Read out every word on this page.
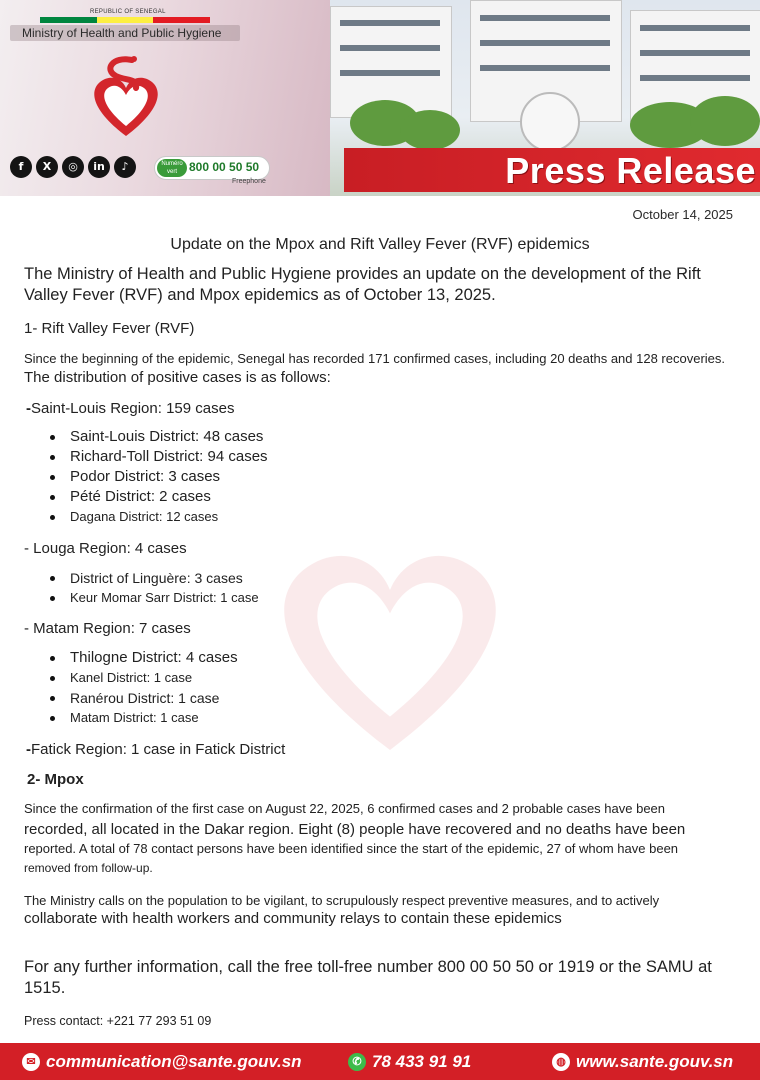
REPUBLIC OF SENEGAL
Ministry of Health and Public Hygiene
f	X	◎	in	♪	Numéro vert	800 00 50 50
Freephone	Press Release
October 14, 2025
Update on the Mpox and Rift Valley Fever (RVF) epidemics
The Ministry of Health and Public Hygiene provides an update on the development of the Rift Valley Fever (RVF) and Mpox epidemics as of October 13, 2025.
1- Rift Valley Fever (RVF)
Since the beginning of the epidemic, Senegal has recorded 171 confirmed cases, including 20 deaths and 128 recoveries.
The distribution of positive cases is as follows:
-Saint-Louis Region: 159 cases
Saint-Louis District: 48 cases
Richard-Toll District: 94 cases
Podor District: 3 cases
Pété District: 2 cases
Dagana District: 12 cases
- Louga Region: 4 cases
District of Linguère: 3 cases
Keur Momar Sarr District: 1 case
- Matam Region: 7 cases
Thilogne District: 4 cases
Kanel District: 1 case
Ranérou District: 1 case
Matam District: 1 case
-Fatick Region: 1 case in Fatick District
2- Mpox
Since the confirmation of the first case on August 22, 2025, 6 confirmed cases and 2 probable cases have been
recorded, all located in the Dakar region. Eight (8) people have recovered and no deaths have been
reported. A total of 78 contact persons have been identified since the start of the epidemic, 27 of whom have been
removed from follow-up.
The Ministry calls on the population to be vigilant, to scrupulously respect preventive measures, and to actively
collaborate with health workers and community relays to contain these epidemics
For any further information, call the free toll-free number 800 00 50 50 or 1919 or the SAMU at 1515.
Press contact: +221 77 293 51 09
✉ communication@sante.gouv.sn	✆ 78 433 91 91	◍ www.sante.gouv.sn
